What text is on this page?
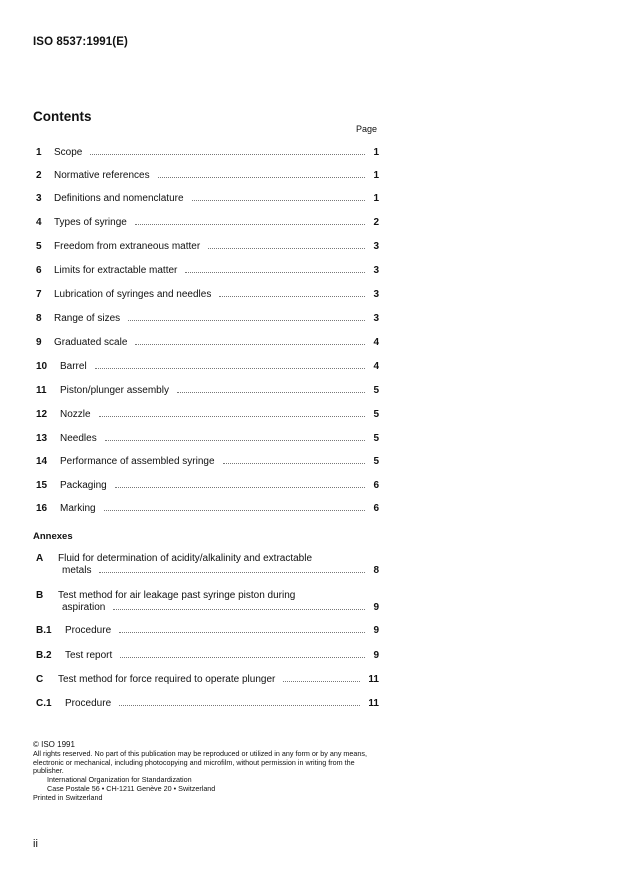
ISO 8537:1991(E)
Contents
Page
1 Scope	1
2 Normative references	1
3 Definitions and nomenclature	1
4 Types of syringe	2
5 Freedom from extraneous matter	3
6 Limits for extractable matter	3
7 Lubrication of syringes and needles	3
8 Range of sizes	3
9 Graduated scale	4
10 Barrel	4
11 Piston/plunger assembly	5
12 Nozzle	5
13 Needles	5
14 Performance of assembled syringe	5
15 Packaging	6
16 Marking	6
Annexes
A Fluid for determination of acidity/alkalinity and extractable
metals	8
B Test method for air leakage past syringe piston during
aspiration	9
B.1 Procedure	9
B.2 Test report	9
C Test method for force required to operate plunger	11
C.1 Procedure	11
© ISO 1991
All rights reserved. No part of this publication may be reproduced or utilized in any form or by any means, electronic or mechanical, including photocopying and microfilm, without permission in writing from the publisher.
International Organization for Standardization
Case Postale 56 • CH-1211 Genève 20 • Switzerland
Printed in Switzerland
ii
